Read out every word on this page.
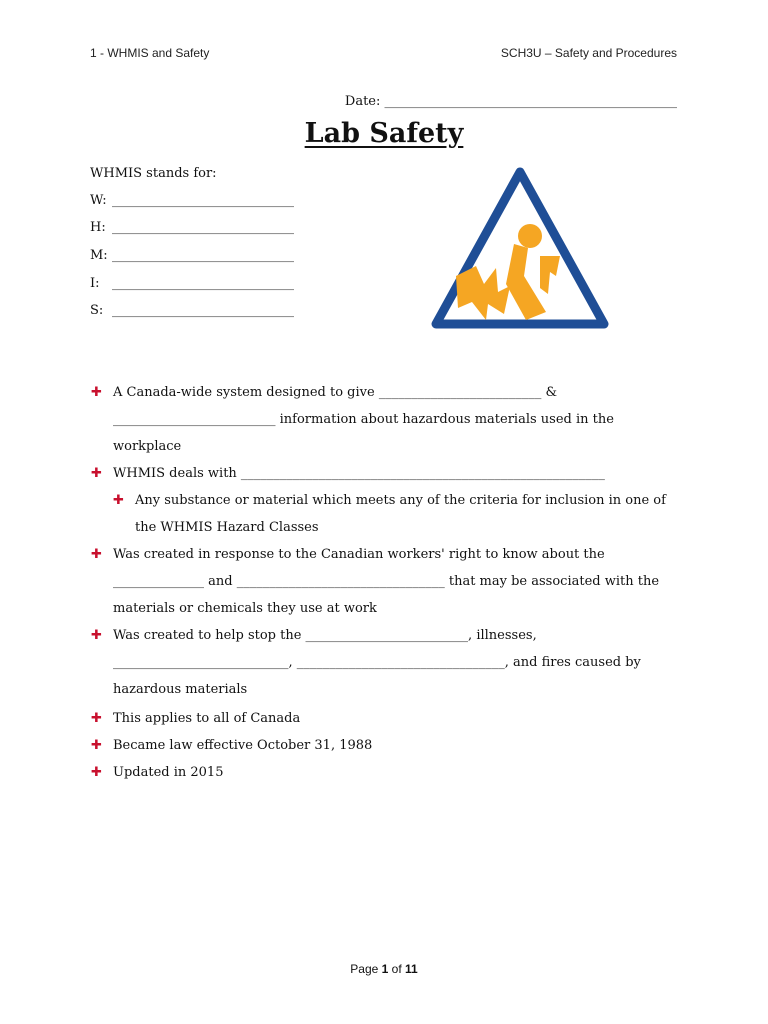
1 - WHMIS and Safety	SCH3U – Safety and Procedures
Date: _____________________________________________
Lab Safety
WHMIS stands for:
W: ____________________________
H: ____________________________
M: ____________________________
I: ____________________________
S: ____________________________
✚ A Canada-wide system designed to give _________________________ & _________________________ information about hazardous materials used in the workplace
✚ WHMIS deals with ________________________________________________________
✚ Any substance or material which meets any of the criteria for inclusion in one of the WHMIS Hazard Classes
✚ Was created in response to the Canadian workers' right to know about the ______________ and ________________________________ that may be associated with the materials or chemicals they use at work
✚ Was created to help stop the _________________________, illnesses, ___________________________, ________________________________, and fires caused by hazardous materials
✚ This applies to all of Canada
✚ Became law effective October 31, 1988
✚ Updated in 2015
Page 1 of 11
